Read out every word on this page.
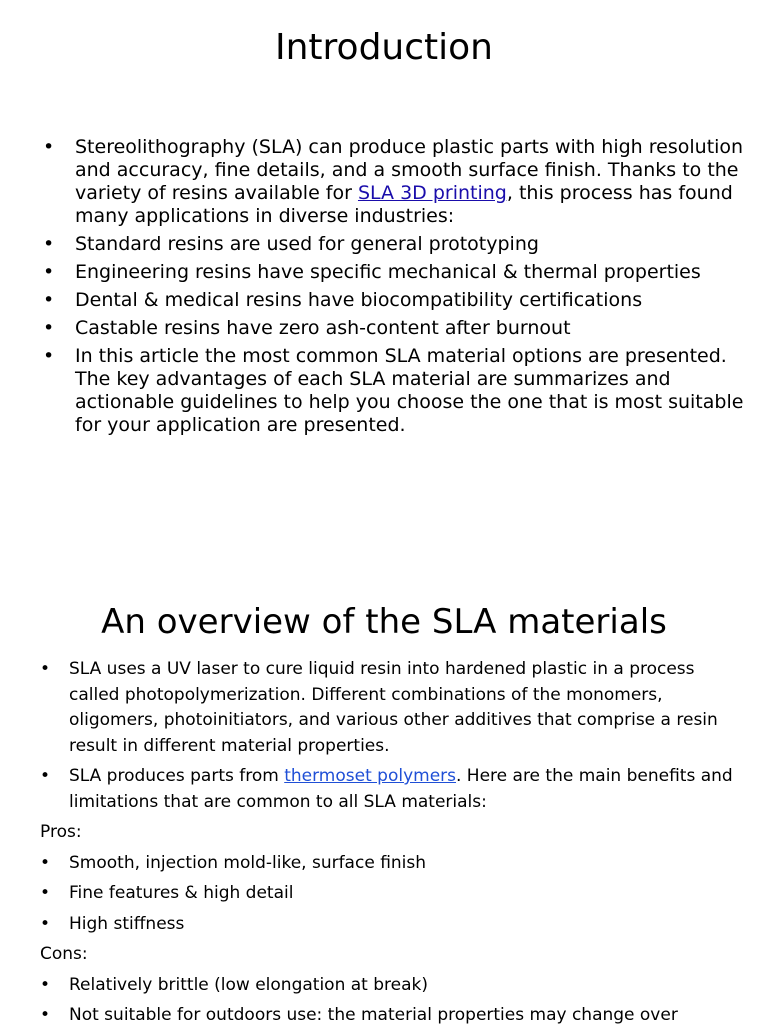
Introduction
• Stereolithography (SLA) can produce plastic parts with high resolution and accuracy, fine details, and a smooth surface finish. Thanks to the variety of resins available for SLA 3D printing, this process has found many applications in diverse industries:
• Standard resins are used for general prototyping
• Engineering resins have specific mechanical & thermal properties
• Dental & medical resins have biocompatibility certifications
• Castable resins have zero ash-content after burnout
• In this article the most common SLA material options are presented. The key advantages of each SLA material are summarizes and actionable guidelines to help you choose the one that is most suitable for your application are presented.
An overview of the SLA materials
• SLA uses a UV laser to cure liquid resin into hardened plastic in a process called photopolymerization. Different combinations of the monomers, oligomers, photoinitiators, and various other additives that comprise a resin result in different material properties.
• SLA produces parts from thermoset polymers. Here are the main benefits and limitations that are common to all SLA materials:
Pros:
• Smooth, injection mold-like, surface finish
• Fine features & high detail
• High stiffness
Cons:
• Relatively brittle (low elongation at break)
• Not suitable for outdoors use: the material properties may change over
